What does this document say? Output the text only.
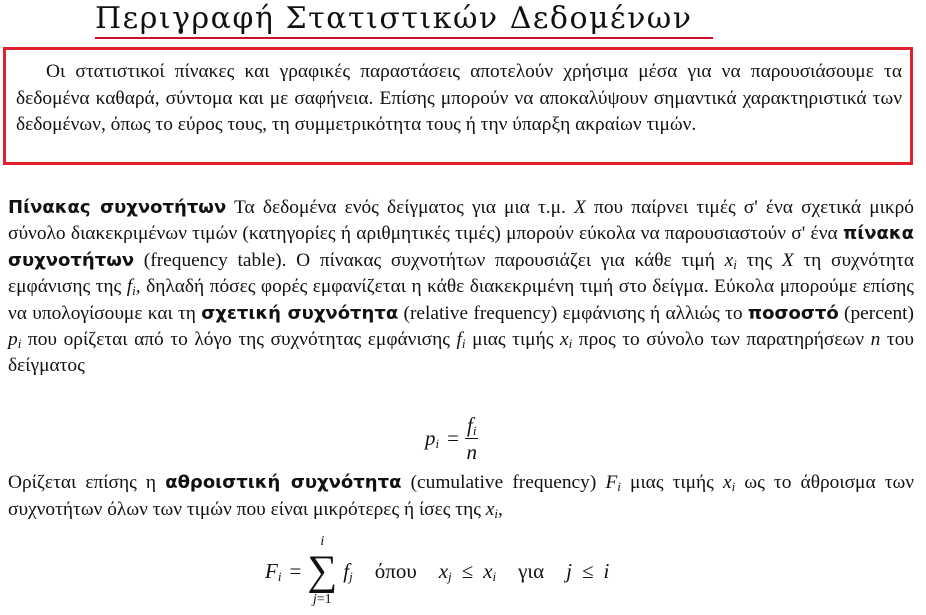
Περιγραφή Στατιστικών Δεδομένων

Οι στατιστικοί πίνακες και γραφικές παραστάσεις αποτελούν χρήσιμα μέσα για να παρουσιάσουμε τα δεδομένα καθαρά, σύντομα και με σαφήνεια. Επίσης μπορούν να αποκαλύψουν σημαντικά χαρακτηριστικά των δεδομένων, όπως το εύρος τους, τη συμμετρικότητα τους ή την ύπαρξη ακραίων τιμών.

Πίνακας συχνοτήτων Τα δεδομένα ενός δείγματος για μια τ.μ. X που παίρνει τιμές σ' ένα σχετικά μικρό σύνολο διακεκριμένων τιμών (κατηγορίες ή αριθμητικές τιμές) μπορούν εύκολα να παρουσιαστούν σ' ένα πίνακα συχνοτήτων (frequency table). Ο πίνακας συχνοτήτων παρουσιάζει για κάθε τιμή $x_i$ της X τη συχνότητα εμφάνισης της $f_i$, δηλαδή πόσες φορές εμφανίζεται η κάθε διακεκριμένη τιμή στο δείγμα. Εύκολα μπορούμε επίσης να υπολογίσουμε και τη σχετική συχνότητα (relative frequency) εμφάνισης ή αλλιώς το ποσοστό (percent) $p_i$ που ορίζεται από το λόγο της συχνότητας εμφάνισης $f_i$ μιας τιμής $x_i$ προς το σύνολο των παρατηρήσεων n του δείγματος

$p_i = \frac{f_i}{n}$

Ορίζεται επίσης η αθροιστική συχνότητα (cumulative frequency) $F_i$ μιας τιμής $x_i$ ως το άθροισμα των συχνοτήτων όλων των τιμών που είναι μικρότερες ή ίσες της $x_i$,

$F_i$ =
i
∑
j=1
$f_j$ όπου $x_j \le x_i$ για j ≤ i
